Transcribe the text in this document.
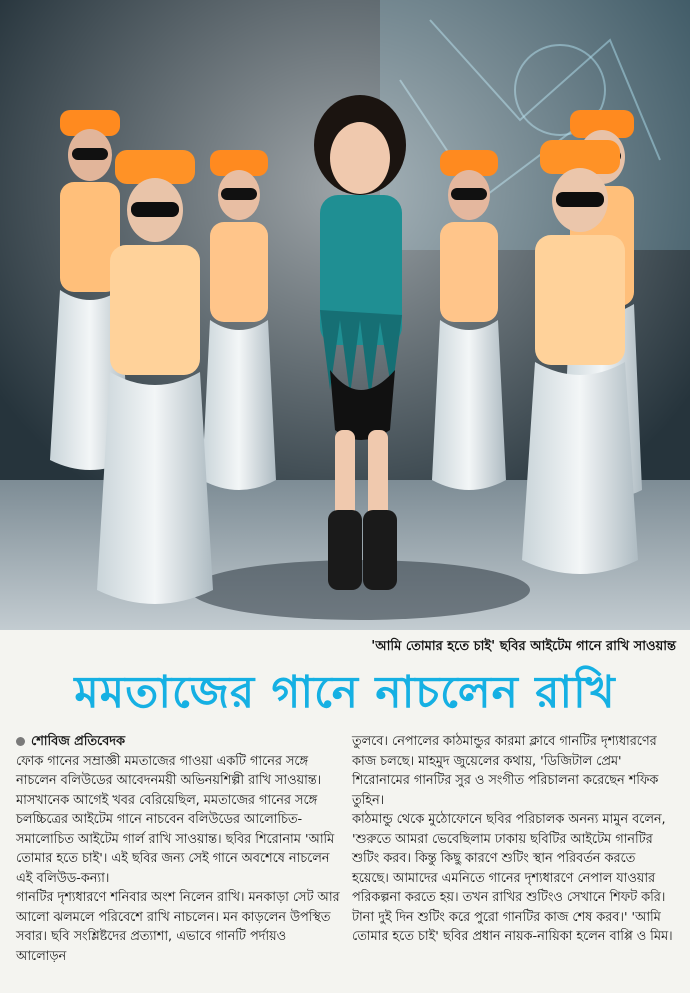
'আমি তোমার হতে চাই' ছবির আইটেম গানে রাখি সাওয়ান্ত
মমতাজের গানে নাচলেন রাখি
শোবিজ প্রতিবেদক

ফোক গানের সম্রাজ্ঞী মমতাজের গাওয়া একটি গানের সঙ্গে নাচলেন বলিউডের আবেদনময়ী অভিনয়শিল্পী রাখি সাওয়ান্ত। মাসখানেক আগেই খবর বেরিয়েছিল, মমতাজের গানের সঙ্গে চলচ্চিত্রের আইটেম গানে নাচবেন বলিউডের আলোচিত-সমালোচিত আইটেম গার্ল রাখি সাওয়ান্ত। ছবির শিরোনাম 'আমি তোমার হতে চাই'। এই ছবির জন্য সেই গানে অবশেষে নাচলেন এই বলিউড-কন্যা।

গানটির দৃশ্যধারণে শনিবার অংশ নিলেন রাখি। মনকাড়া সেট আর আলো ঝলমলে পরিবেশে রাখি নাচলেন। মন কাড়লেন উপস্থিত সবার। ছবি সংশ্লিষ্টদের প্রত্যাশা, এভাবে গানটি পর্দায়ও আলোড়ন

তুলবে। নেপালের কাঠমান্ডুর কারমা ক্লাবে গানটির দৃশ্যধারণের কাজ চলছে। মাহমুদ জুয়েলের কথায়, 'ডিজিটাল প্রেম' শিরোনামের গানটির সুর ও সংগীত পরিচালনা করেছেন শফিক তুহিন।

কাঠমান্ডু থেকে মুঠোফোনে ছবির পরিচালক অনন্য মামুন বলেন, 'শুরুতে আমরা ভেবেছিলাম ঢাকায় ছবিটির আইটেম গানটির শুটিং করব। কিন্তু কিছু কারণে শুটিং স্থান পরিবর্তন করতে হয়েছে। আমাদের এমনিতে গানের দৃশ্যধারণে নেপাল যাওয়ার পরিকল্পনা করতে হয়। তখন রাখির শুটিংও সেখানে শিফট করি। টানা দুই দিন শুটিং করে পুরো গানটির কাজ শেষ করব।' 'আমি তোমার হতে চাই' ছবির প্রধান নায়ক-নায়িকা হলেন বাপ্পি ও মিম।
